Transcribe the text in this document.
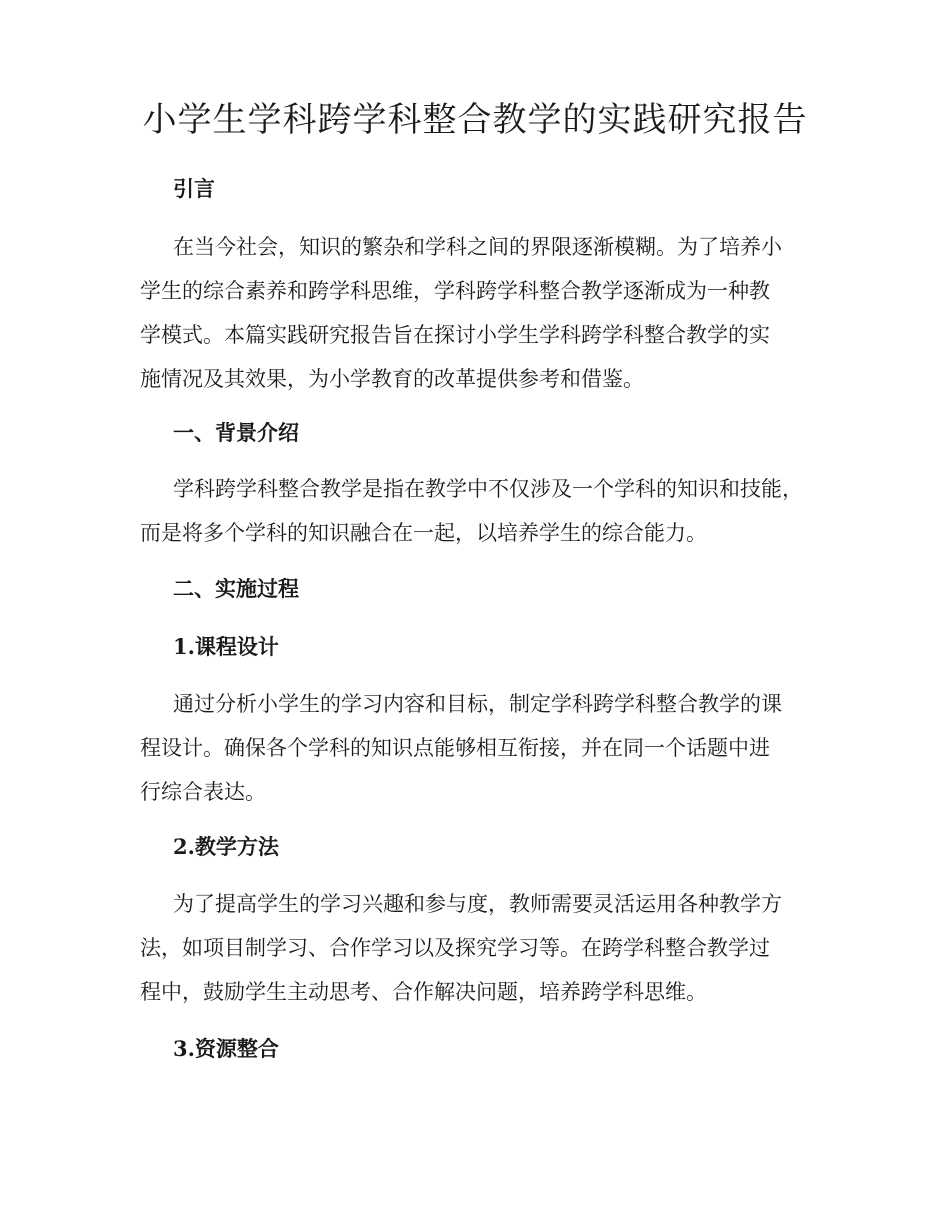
小学生学科跨学科整合教学的实践研究报告
引言
在当今社会，知识的繁杂和学科之间的界限逐渐模糊。为了培养小
学生的综合素养和跨学科思维，学科跨学科整合教学逐渐成为一种教
学模式。本篇实践研究报告旨在探讨小学生学科跨学科整合教学的实
施情况及其效果，为小学教育的改革提供参考和借鉴。
一、背景介绍
学科跨学科整合教学是指在教学中不仅涉及一个学科的知识和技能，
而是将多个学科的知识融合在一起，以培养学生的综合能力。
二、实施过程
1.课程设计
通过分析小学生的学习内容和目标，制定学科跨学科整合教学的课
程设计。确保各个学科的知识点能够相互衔接，并在同一个话题中进
行综合表达。
2.教学方法
为了提高学生的学习兴趣和参与度，教师需要灵活运用各种教学方
法，如项目制学习、合作学习以及探究学习等。在跨学科整合教学过
程中，鼓励学生主动思考、合作解决问题，培养跨学科思维。
3.资源整合
